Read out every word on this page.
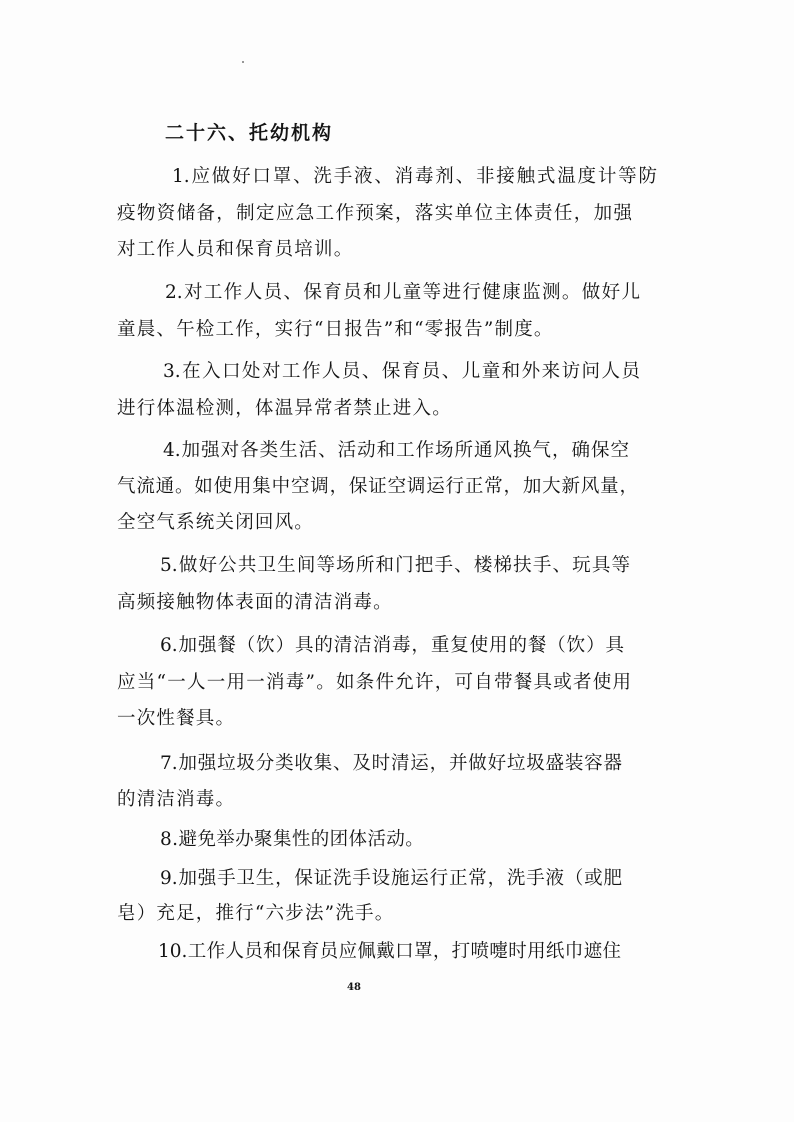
二十六、托幼机构
1.应做好口罩、洗手液、消毒剂、非接触式温度计等防
疫物资储备，制定应急工作预案，落实单位主体责任，加强
对工作人员和保育员培训。
2.对工作人员、保育员和儿童等进行健康监测。做好儿
童晨、午检工作，实行“日报告”和“零报告”制度。
3.在入口处对工作人员、保育员、儿童和外来访问人员
进行体温检测，体温异常者禁止进入。
4.加强对各类生活、活动和工作场所通风换气，确保空
气流通。如使用集中空调，保证空调运行正常，加大新风量，
全空气系统关闭回风。
5.做好公共卫生间等场所和门把手、楼梯扶手、玩具等
高频接触物体表面的清洁消毒。
6.加强餐（饮）具的清洁消毒，重复使用的餐（饮）具
应当“一人一用一消毒”。如条件允许，可自带餐具或者使用
一次性餐具。
7.加强垃圾分类收集、及时清运，并做好垃圾盛装容器
的清洁消毒。
8.避免举办聚集性的团体活动。
9.加强手卫生，保证洗手设施运行正常，洗手液（或肥
皂）充足，推行“六步法”洗手。
10.工作人员和保育员应佩戴口罩，打喷嚏时用纸巾遮住
48
